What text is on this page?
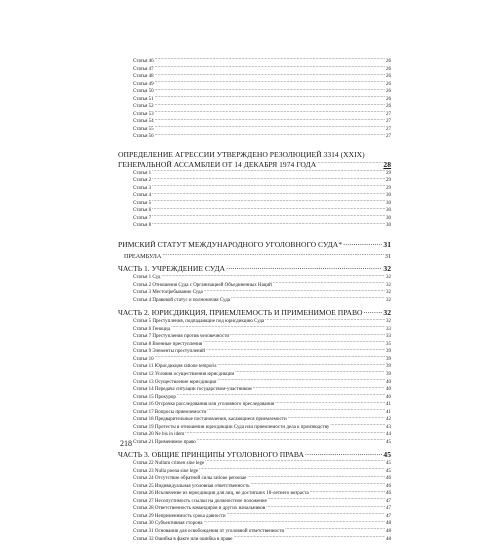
Статья 46 .....	26
Статья 47 .....	26
Статья 48 .....	26
Статья 49 .....	26
Статья 50 .....	26
Статья 51 .....	26
Статья 52 .....	26
Статья 53 .....	27
Статья 54 .....	27
Статья 55 .....	27
Статья 56 .....	27
ОПРЕДЕЛЕНИЕ АГРЕССИИ УТВЕРЖДЕНО РЕЗОЛЮЦИЕЙ 3314 (XXIX)
ГЕНЕРАЛЬНОЙ АССАМБЛЕИ ОТ 14 ДЕКАБРЯ 1974 ГОДА .....	28
Статья 1 .....	29
Статья 2 .....	29
Статья 3 .....	29
Статья 4 .....	30
Статья 5 .....	30
Статья 6 .....	30
Статья 7 .....	30
Статья 8 .....	30
РИМСКИЙ СТАТУТ МЕЖДУНАРОДНОГО УГОЛОВНОГО СУДА* .....	31
ПРЕАМБУЛА .....	31
ЧАСТЬ 1. УЧРЕЖДЕНИЕ СУДА .....	32
Статья 1 Суд .....	32
Статья 2 Отношения Суда с Организацией Объединенных Наций .....	32
Статья 3 Местопребывание Суда .....	32
Статья 4 Правовой статус и полномочия Суда .....	32
ЧАСТЬ 2. ЮРИСДИКЦИЯ, ПРИЕМЛЕМОСТЬ И ПРИМЕНИМОЕ ПРАВО .....	32
Статья 5 Преступления, подпадающие под юрисдикцию Суда .....	32
Статья 6 Геноцид .....	33
Статья 7 Преступления против человечности .....	33
Статья 8 Военные преступления .....	35
Статья 9 Элементы преступлений .....	39
Статья 10 .....	39
Статья 11 Юрисдикция ratione temporis .....	39
Статья 12 Условия осуществления юрисдикции .....	39
Статья 13 Осуществление юрисдикции .....	40
Статья 14 Передача ситуации государством-участником .....	40
Статья 15 Прокурор .....	40
Статья 16 Отсрочка расследования или уголовного преследования .....	41
Статья 17 Вопросы приемлемости .....	41
Статья 18 Предварительные постановления, касающиеся приемлемости .....	42
Статья 19 Протесты в отношении юрисдикции Суда или приемлемости дела к производству .....	43
Статья 20 Ne bis in idem .....	44
Статья 21 Применимое право .....	45
ЧАСТЬ 3. ОБЩИЕ ПРИНЦИПЫ УГОЛОВНОГО ПРАВА .....	45
Статья 22 Nullum crimen sine lege .....	45
Статья 23 Nulla poena sine lege .....	45
Статья 24 Отсутствие обратной силы ratione personae .....	46
Статья 25 Индивидуальная уголовная ответственность .....	46
Статья 26 Исключение из юрисдикции для лиц, не достигших 18-летнего возраста .....	46
Статья 27 Несопустимость ссылки на должностное положение .....	47
Статья 28 Ответственность командиров и других начальников .....	47
Статья 29 Неприменимость срока давности .....	47
Статья 30 Субъективная сторона .....	48
Статья 31 Основания для освобождения от уголовной ответственности .....	48
Статья 32 Ошибка в факте или ошибка в праве .....	48
218
